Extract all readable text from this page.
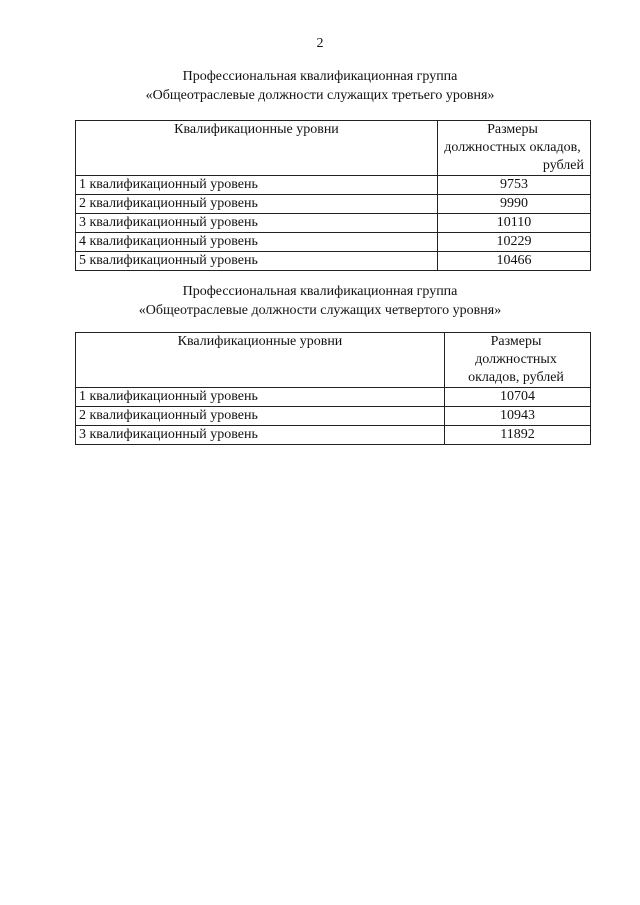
2
Профессиональная квалификационная группа
«Общеотраслевые должности служащих третьего уровня»
Квалификационные уровни	Размеры
должностных окладов,
рублей

1 квалификационный уровень	9753
2 квалификационный уровень	9990
3 квалификационный уровень	10110
4 квалификационный уровень	10229
5 квалификационный уровень	10466
Профессиональная квалификационная группа
«Общеотраслевые должности служащих четвертого уровня»
Квалификационные уровни	Размеры
должностных
окладов, рублей

1 квалификационный уровень	10704
2 квалификационный уровень	10943
3 квалификационный уровень	11892
